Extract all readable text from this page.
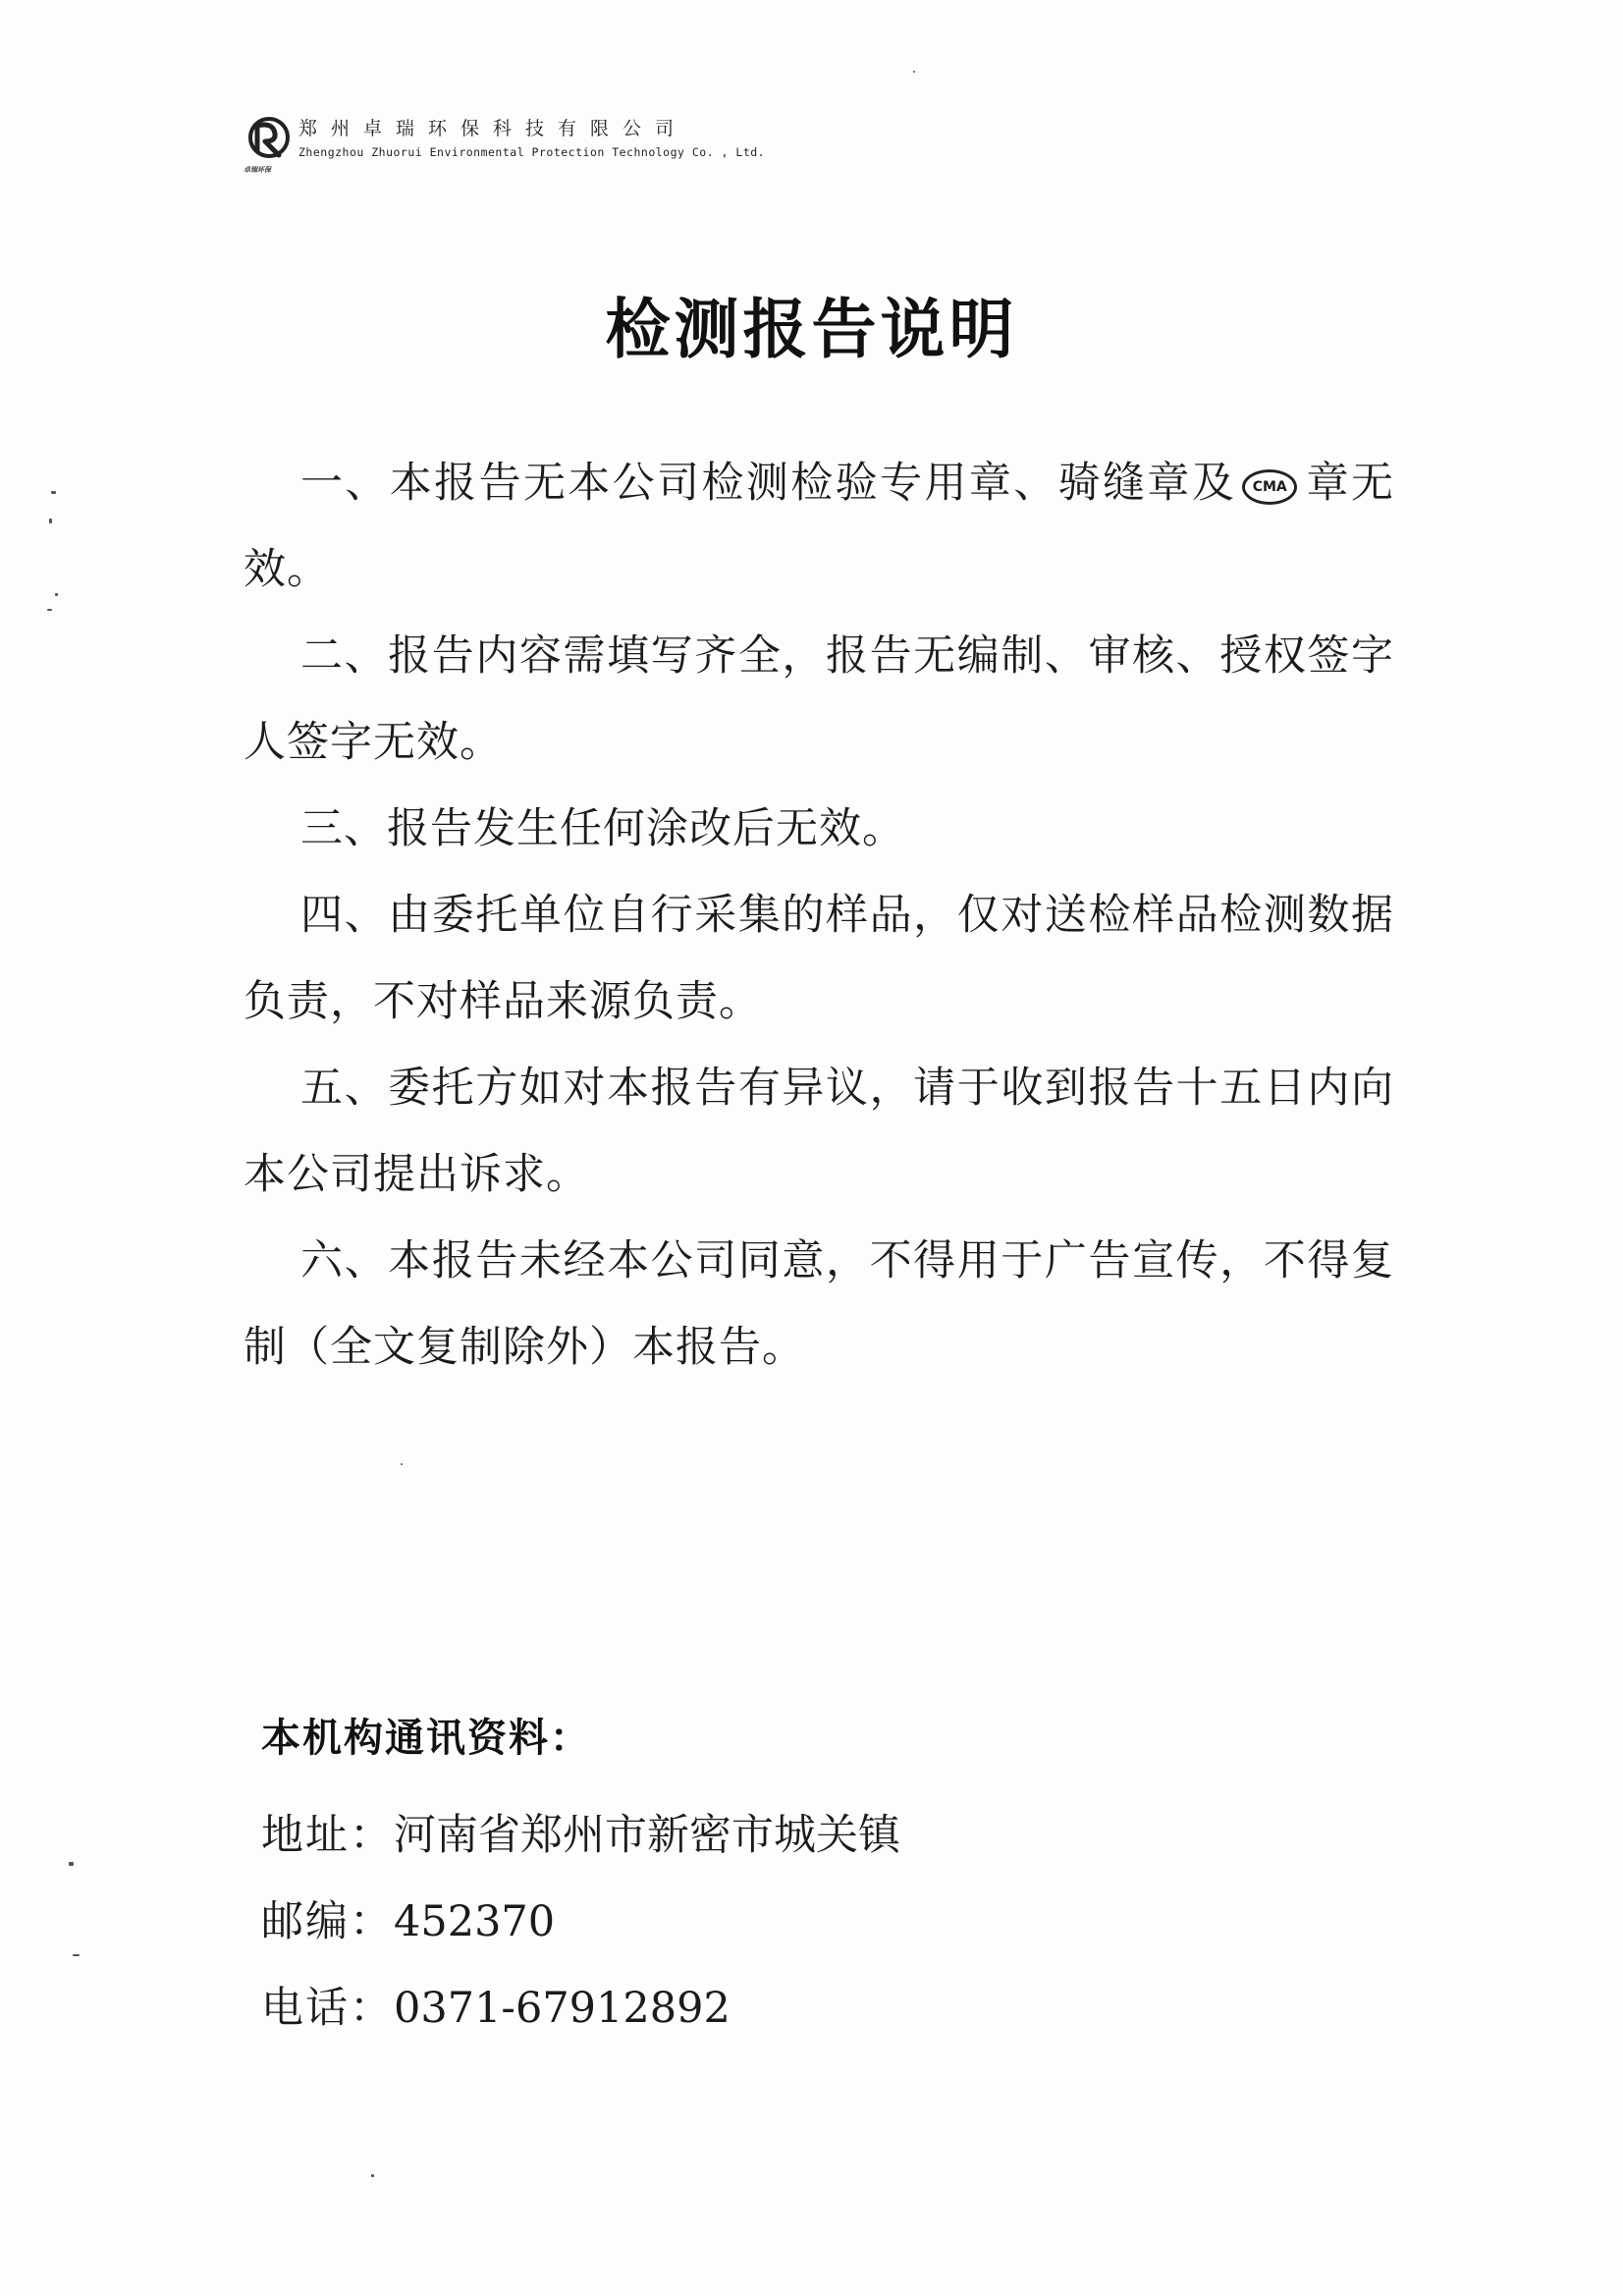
卓瑞环保
郑州卓瑞环保科技有限公司
Zhengzhou Zhuorui Environmental Protection Technology Co. , Ltd.
检测报告说明

一、本报告无本公司检测检验专用章、骑缝章及 CMA 章无效。

二、报告内容需填写齐全，报告无编制、审核、授权签字人签字无效。

三、报告发生任何涂改后无效。

四、由委托单位自行采集的样品，仅对送检样品检测数据负责，不对样品来源负责。

五、委托方如对本报告有异议，请于收到报告十五日内向本公司提出诉求。

六、本报告未经本公司同意，不得用于广告宣传，不得复制（全文复制除外）本报告。

本机构通讯资料：

地址：河南省郑州市新密市城关镇

邮编：452370

电话：0371-67912892
